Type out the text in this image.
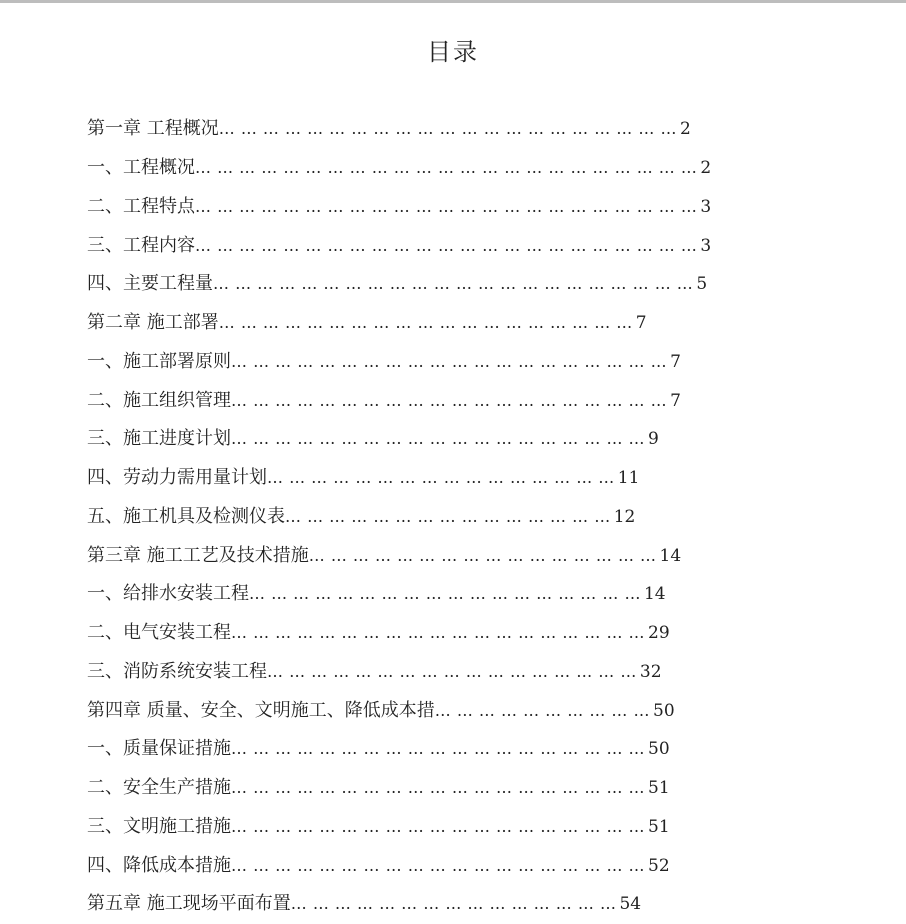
目录
第一章 工程概况 … … … … … … … … … … … … … … … … … … … … … 2
一、工程概况 … … … … … … … … … … … … … … … … … … … … … … … 2
二、工程特点 … … … … … … … … … … … … … … … … … … … … … … … 3
三、工程内容 … … … … … … … … … … … … … … … … … … … … … … … 3
四、主要工程量 … … … … … … … … … … … … … … … … … … … … … … 5
第二章 施工部署 … … … … … … … … … … … … … … … … … … … 7
一、施工部署原则 … … … … … … … … … … … … … … … … … … … … 7
二、施工组织管理 … … … … … … … … … … … … … … … … … … … … 7
三、施工进度计划 … … … … … … … … … … … … … … … … … … … 9
四、劳动力需用量计划 … … … … … … … … … … … … … … … … 11
五、施工机具及检测仪表 … … … … … … … … … … … … … … … 12
第三章 施工工艺及技术措施 … … … … … … … … … … … … … … … … 14
一、给排水安装工程 … … … … … … … … … … … … … … … … … … 14
二、电气安装工程 … … … … … … … … … … … … … … … … … … … 29
三、消防系统安装工程 … … … … … … … … … … … … … … … … … 32
第四章 质量、安全、文明施工、降低成本措 … … … … … … … … … … 50
一、质量保证措施 … … … … … … … … … … … … … … … … … … … 50
二、安全生产措施 … … … … … … … … … … … … … … … … … … … 51
三、文明施工措施 … … … … … … … … … … … … … … … … … … … 51
四、降低成本措施 … … … … … … … … … … … … … … … … … … … 52
第五章 施工现场平面布置 … … … … … … … … … … … … … … … 54
